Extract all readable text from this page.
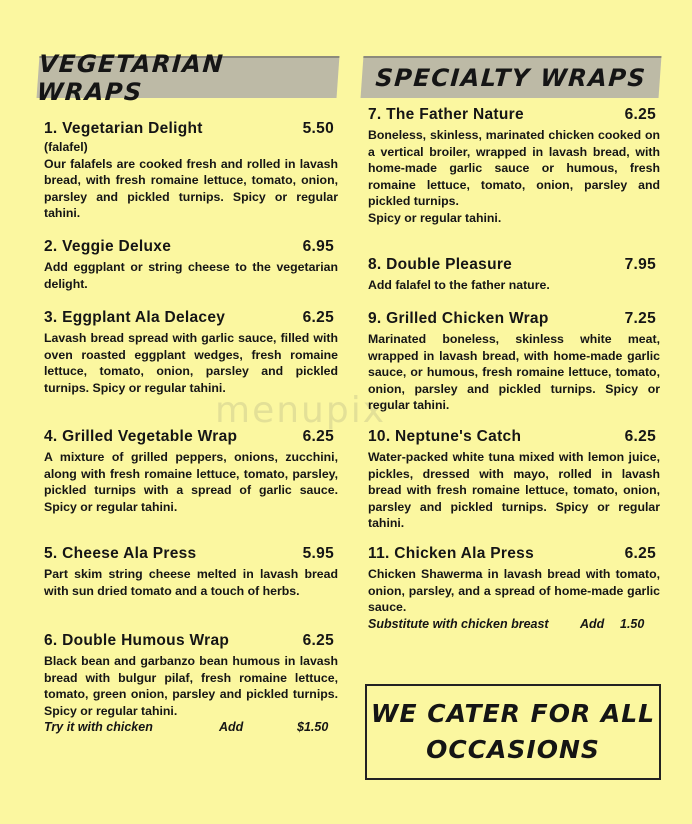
menupix
VEGETARIAN WRAPS
1. Vegetarian Delight	5.50
(falafel)
Our falafels are cooked fresh and rolled in lavash bread, with fresh romaine lettuce, tomato, onion, parsley and pickled turnips. Spicy or regular tahini.
2. Veggie Deluxe	6.95
Add eggplant or string cheese to the vegetarian delight.
3. Eggplant Ala Delacey	6.25
Lavash bread spread with garlic sauce, filled with oven roasted eggplant wedges, fresh romaine lettuce, tomato, onion, parsley and pickled turnips. Spicy or regular tahini.
4. Grilled Vegetable Wrap	6.25
A mixture of grilled peppers, onions, zucchini, along with fresh romaine lettuce, tomato, parsley, pickled turnips with a spread of garlic sauce. Spicy or regular tahini.
5. Cheese Ala Press	5.95
Part skim string cheese melted in lavash bread with sun dried tomato and a touch of herbs.
6. Double Humous Wrap	6.25
Black bean and garbanzo bean humous in lavash bread with bulgur pilaf, fresh romaine lettuce, tomato, green onion, parsley and pickled turnips. Spicy or regular tahini.
Try it with chicken	Add	$1.50
SPECIALTY WRAPS
7. The Father Nature	6.25
Boneless, skinless, marinated chicken cooked on a vertical broiler, wrapped in lavash bread, with home-made garlic sauce or humous, fresh romaine lettuce, tomato, onion, parsley and pickled turnips.
Spicy or regular tahini.
8. Double Pleasure	7.95
Add falafel to the father nature.
9. Grilled Chicken Wrap	7.25
Marinated boneless, skinless white meat, wrapped in lavash bread, with home-made garlic sauce, or humous, fresh romaine lettuce, tomato, onion, parsley and pickled turnips. Spicy or regular tahini.
10. Neptune's Catch	6.25
Water-packed white tuna mixed with lemon juice, pickles, dressed with mayo, rolled in lavash bread with fresh romaine lettuce, tomato, onion, parsley and pickled turnips. Spicy or regular tahini.
11. Chicken Ala Press	6.25
Chicken Shawerma in lavash bread with tomato, onion, parsley, and a spread of home-made garlic sauce.
Substitute with chicken breast	Add	1.50
WE CATER FOR ALL
OCCASIONS
